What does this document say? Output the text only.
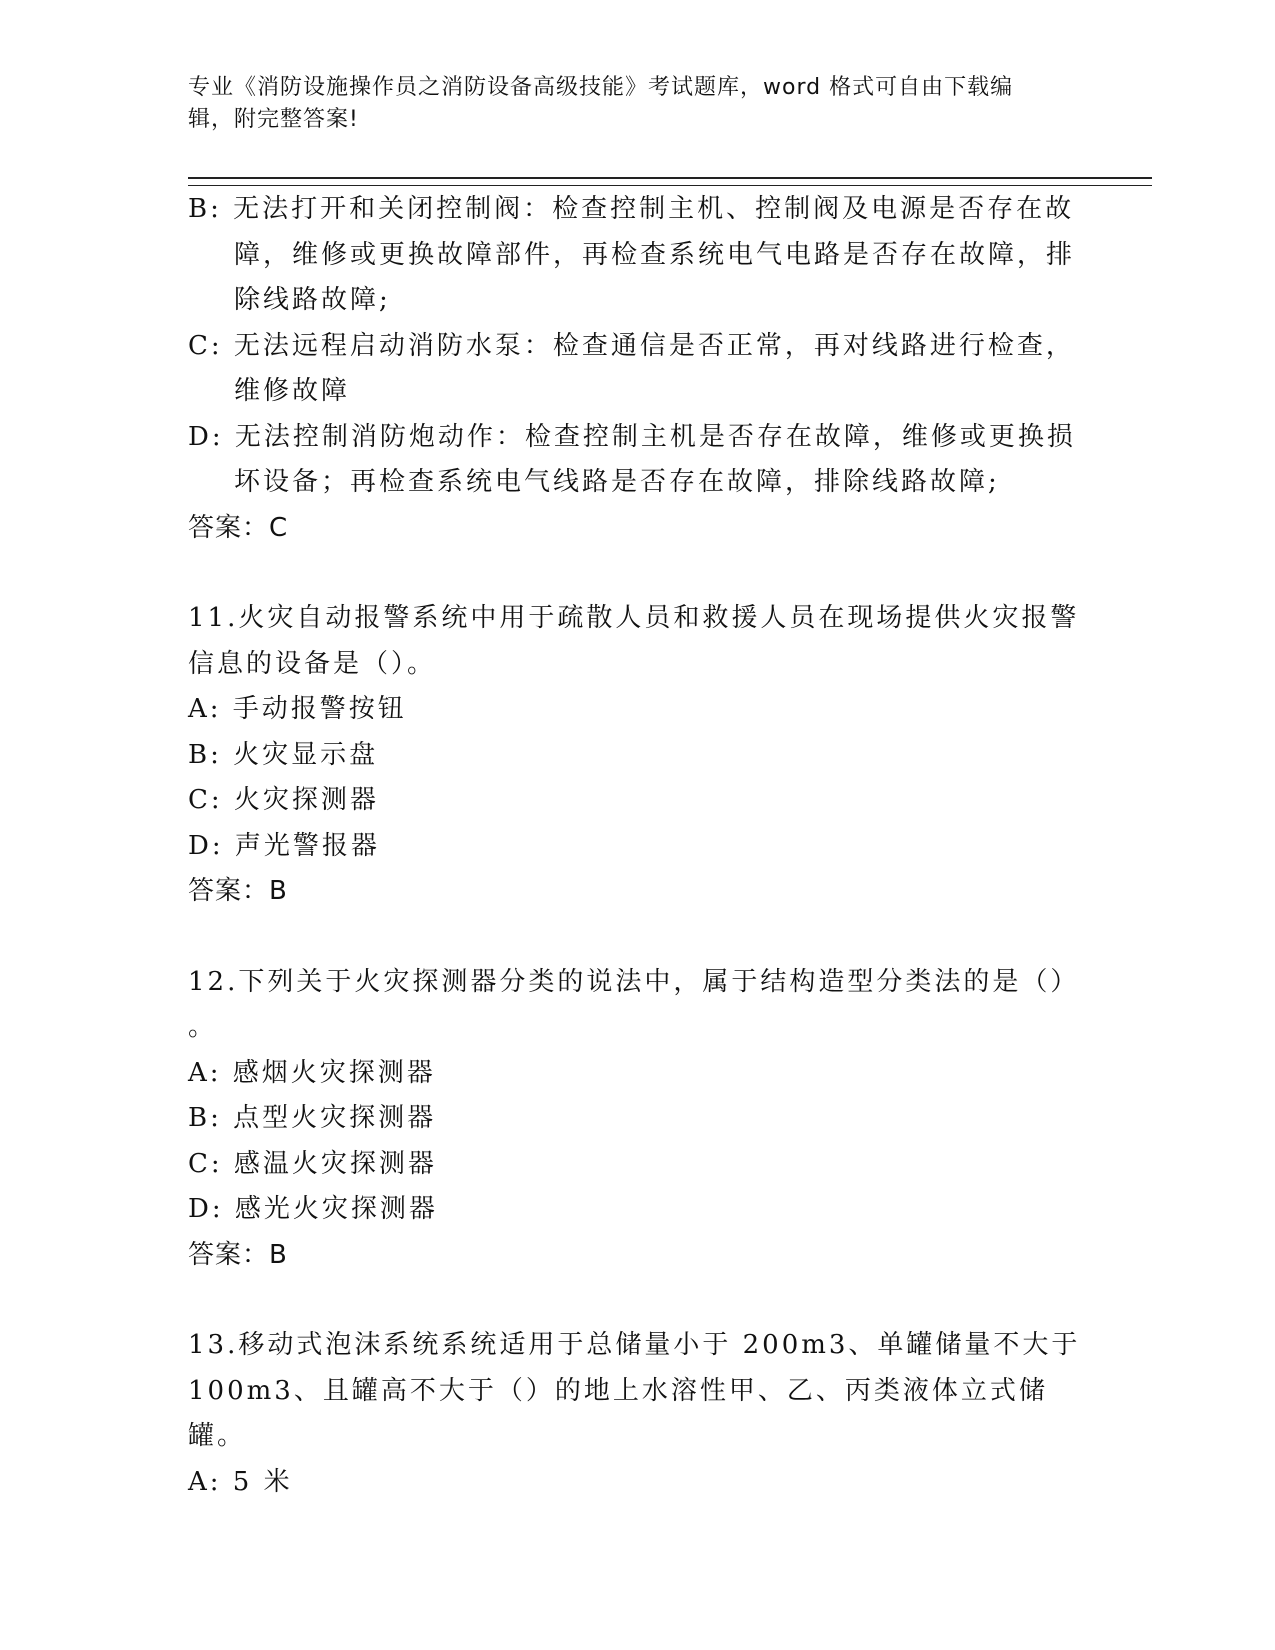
专业《消防设施操作员之消防设备高级技能》考试题库，word 格式可自由下载编
辑，附完整答案!

B: 无法打开和关闭控制阀：检查控制主机、控制阀及电源是否存在故障，维修或更换故障部件，再检查系统电气电路是否存在故障，排除线路故障;

C: 无法远程启动消防水泵：检查通信是否正常，再对线路进行检查，维修故障

D: 无法控制消防炮动作：检查控制主机是否存在故障，维修或更换损坏设备；再检查系统电气线路是否存在故障，排除线路故障;

答案：C

11.火灾自动报警系统中用于疏散人员和救援人员在现场提供火灾报警信息的设备是（）。

A: 手动报警按钮

B: 火灾显示盘

C: 火灾探测器

D: 声光警报器

答案：B

12.下列关于火灾探测器分类的说法中，属于结构造型分类法的是（）

。

A: 感烟火灾探测器

B: 点型火灾探测器

C: 感温火灾探测器

D: 感光火灾探测器

答案：B

13.移动式泡沫系统系统适用于总储量小于 200m3、单罐储量不大于 100m3、且罐高不大于（）的地上水溶性甲、乙、丙类液体立式储罐。

A: 5 米
